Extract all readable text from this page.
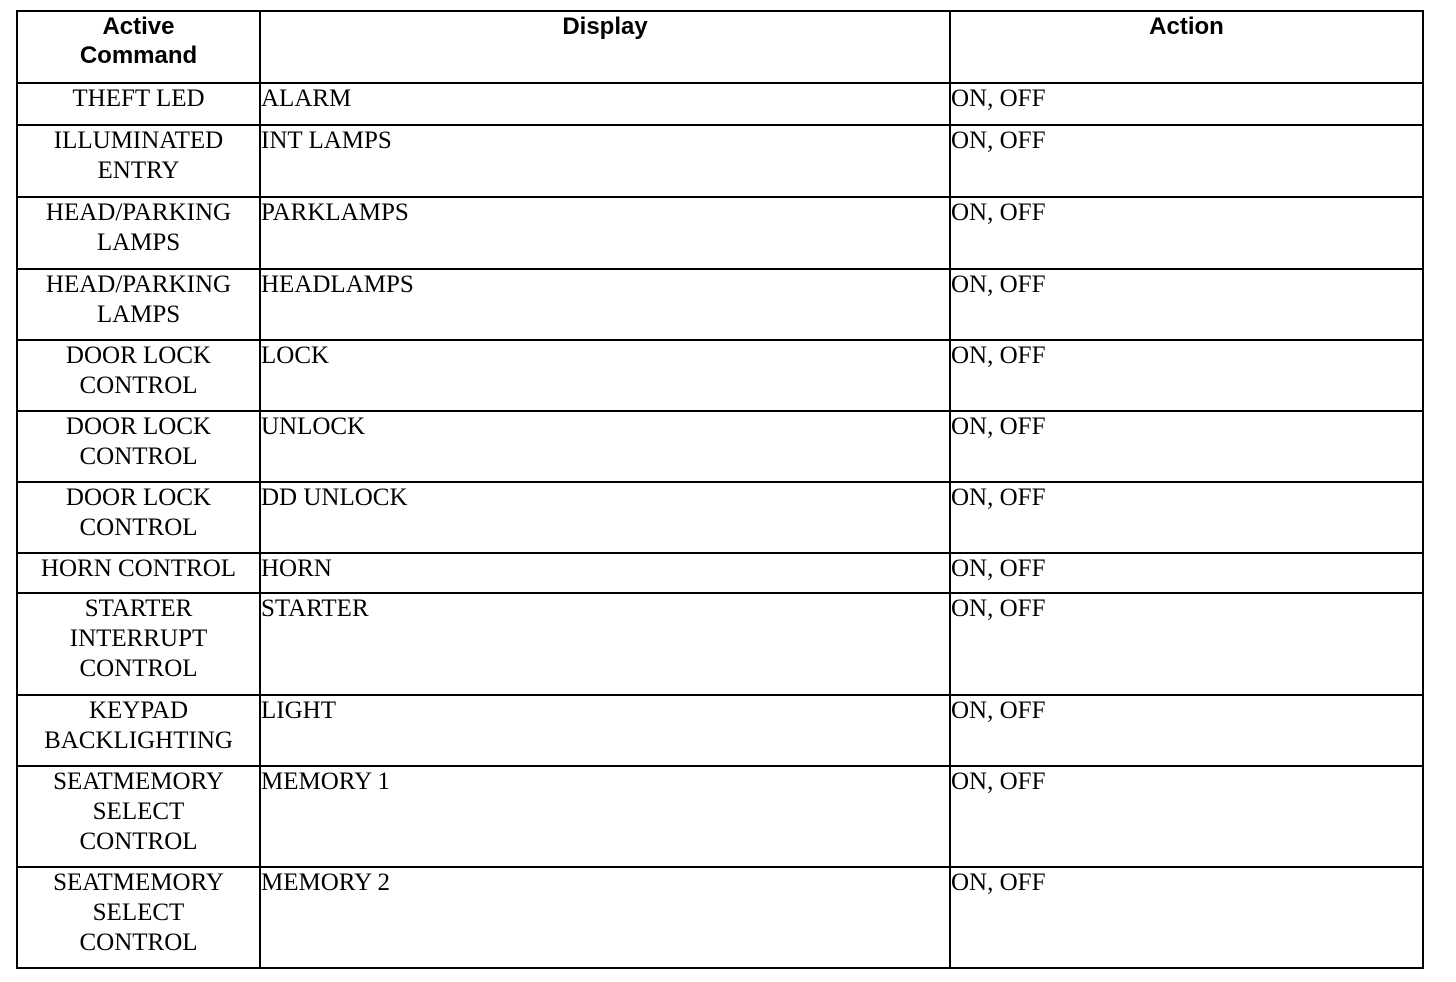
Active
Command	Display	Action
THEFT LED	ALARM	ON, OFF
ILLUMINATED
ENTRY	INT LAMPS	ON, OFF
HEAD/PARKING
LAMPS	PARKLAMPS	ON, OFF
HEAD/PARKING
LAMPS	HEADLAMPS	ON, OFF
DOOR LOCK
CONTROL	LOCK	ON, OFF
DOOR LOCK
CONTROL	UNLOCK	ON, OFF
DOOR LOCK
CONTROL	DD UNLOCK	ON, OFF
HORN CONTROL	HORN	ON, OFF
STARTER
INTERRUPT
CONTROL	STARTER	ON, OFF
KEYPAD
BACKLIGHTING	LIGHT	ON, OFF
SEATMEMORY
SELECT
CONTROL	MEMORY 1	ON, OFF
SEATMEMORY
SELECT
CONTROL	MEMORY 2	ON, OFF
